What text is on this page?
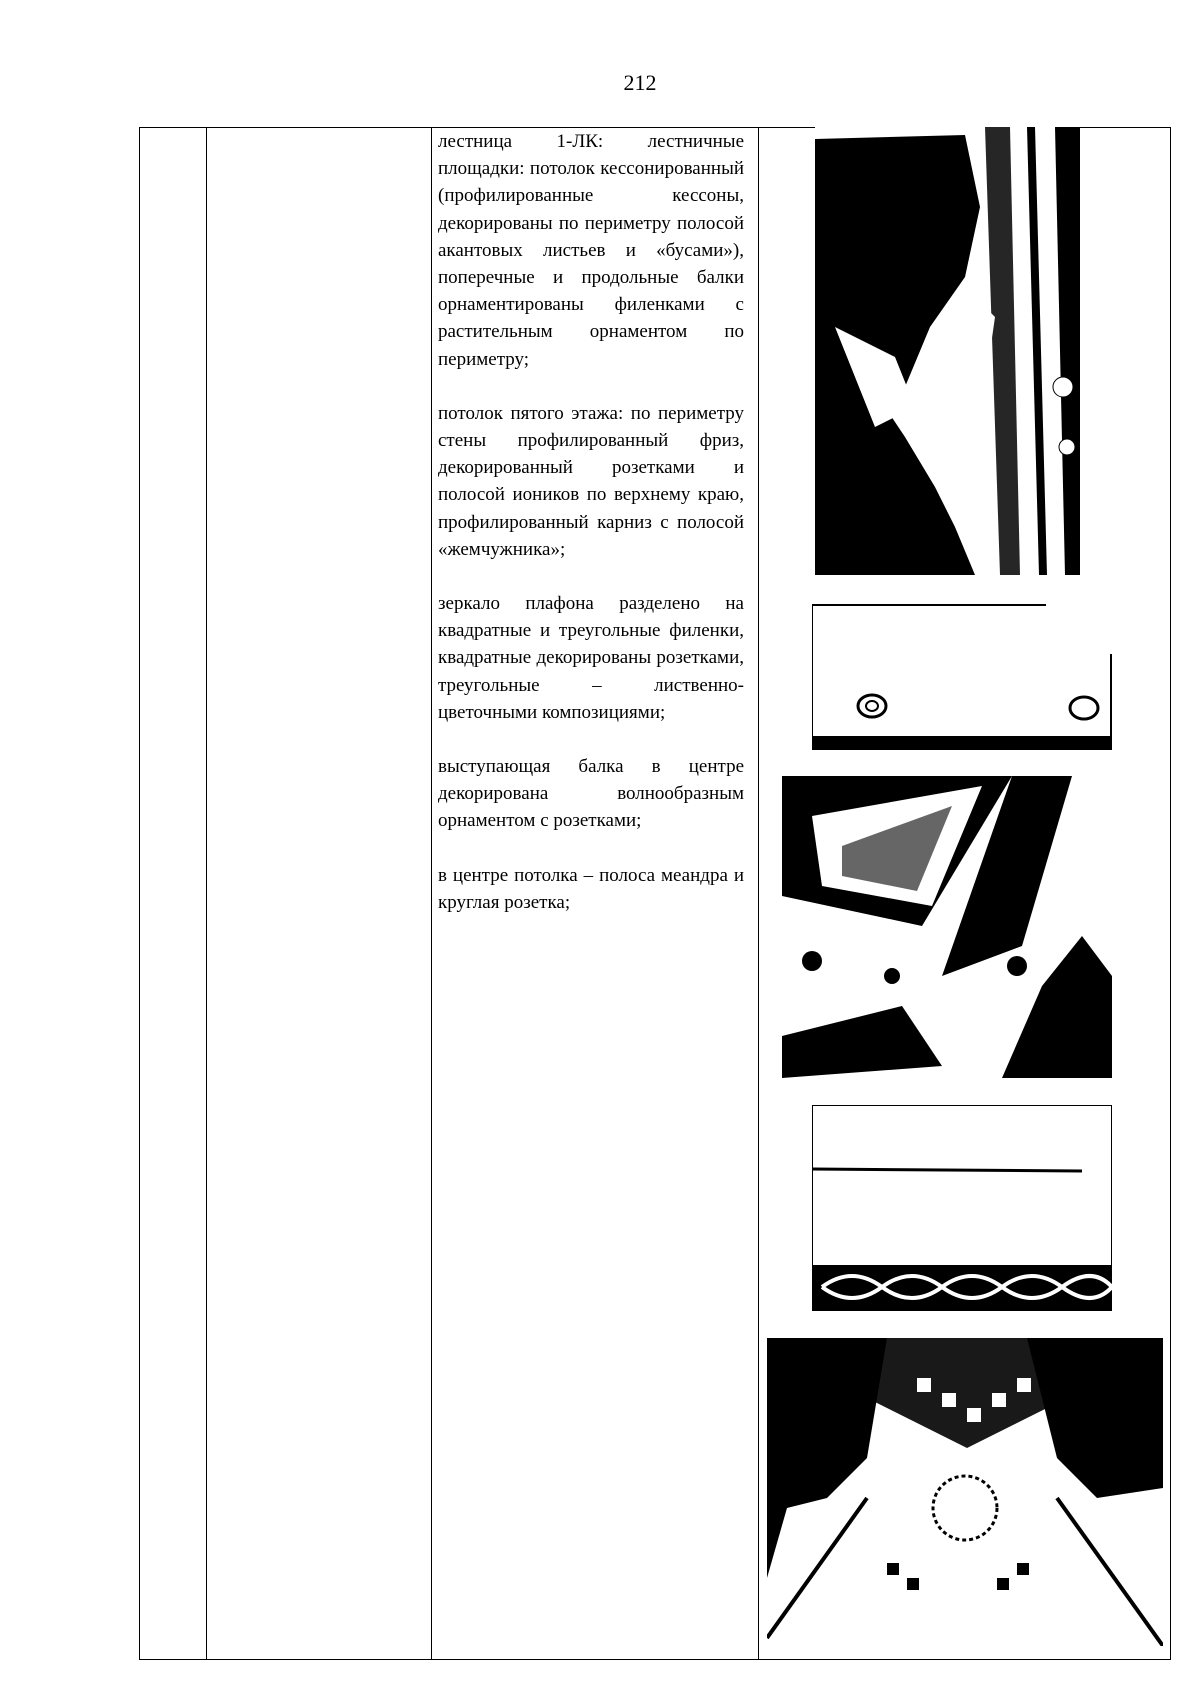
212

лестница 1-ЛК: лестничные площадки: потолок кессонированный (профилированные кессоны, декорированы по периметру полосой акантовых листьев и «бусами»), поперечные и продольные балки орнаментированы филенками с растительным орнаментом по периметру;

потолок пятого этажа: по периметру стены профилированный фриз, декорированный розетками и полосой иоников по верхнему краю, профилированный карниз с полосой «жемчужника»;

зеркало плафона разделено на квадратные и треугольные филенки, квадратные декорированы розетками, треугольные – лиственно-цветочными композициями;

выступающая балка в центре декорирована волнообразным орнаментом с розетками;

в центре потолка – полоса меандра и круглая розетка;
